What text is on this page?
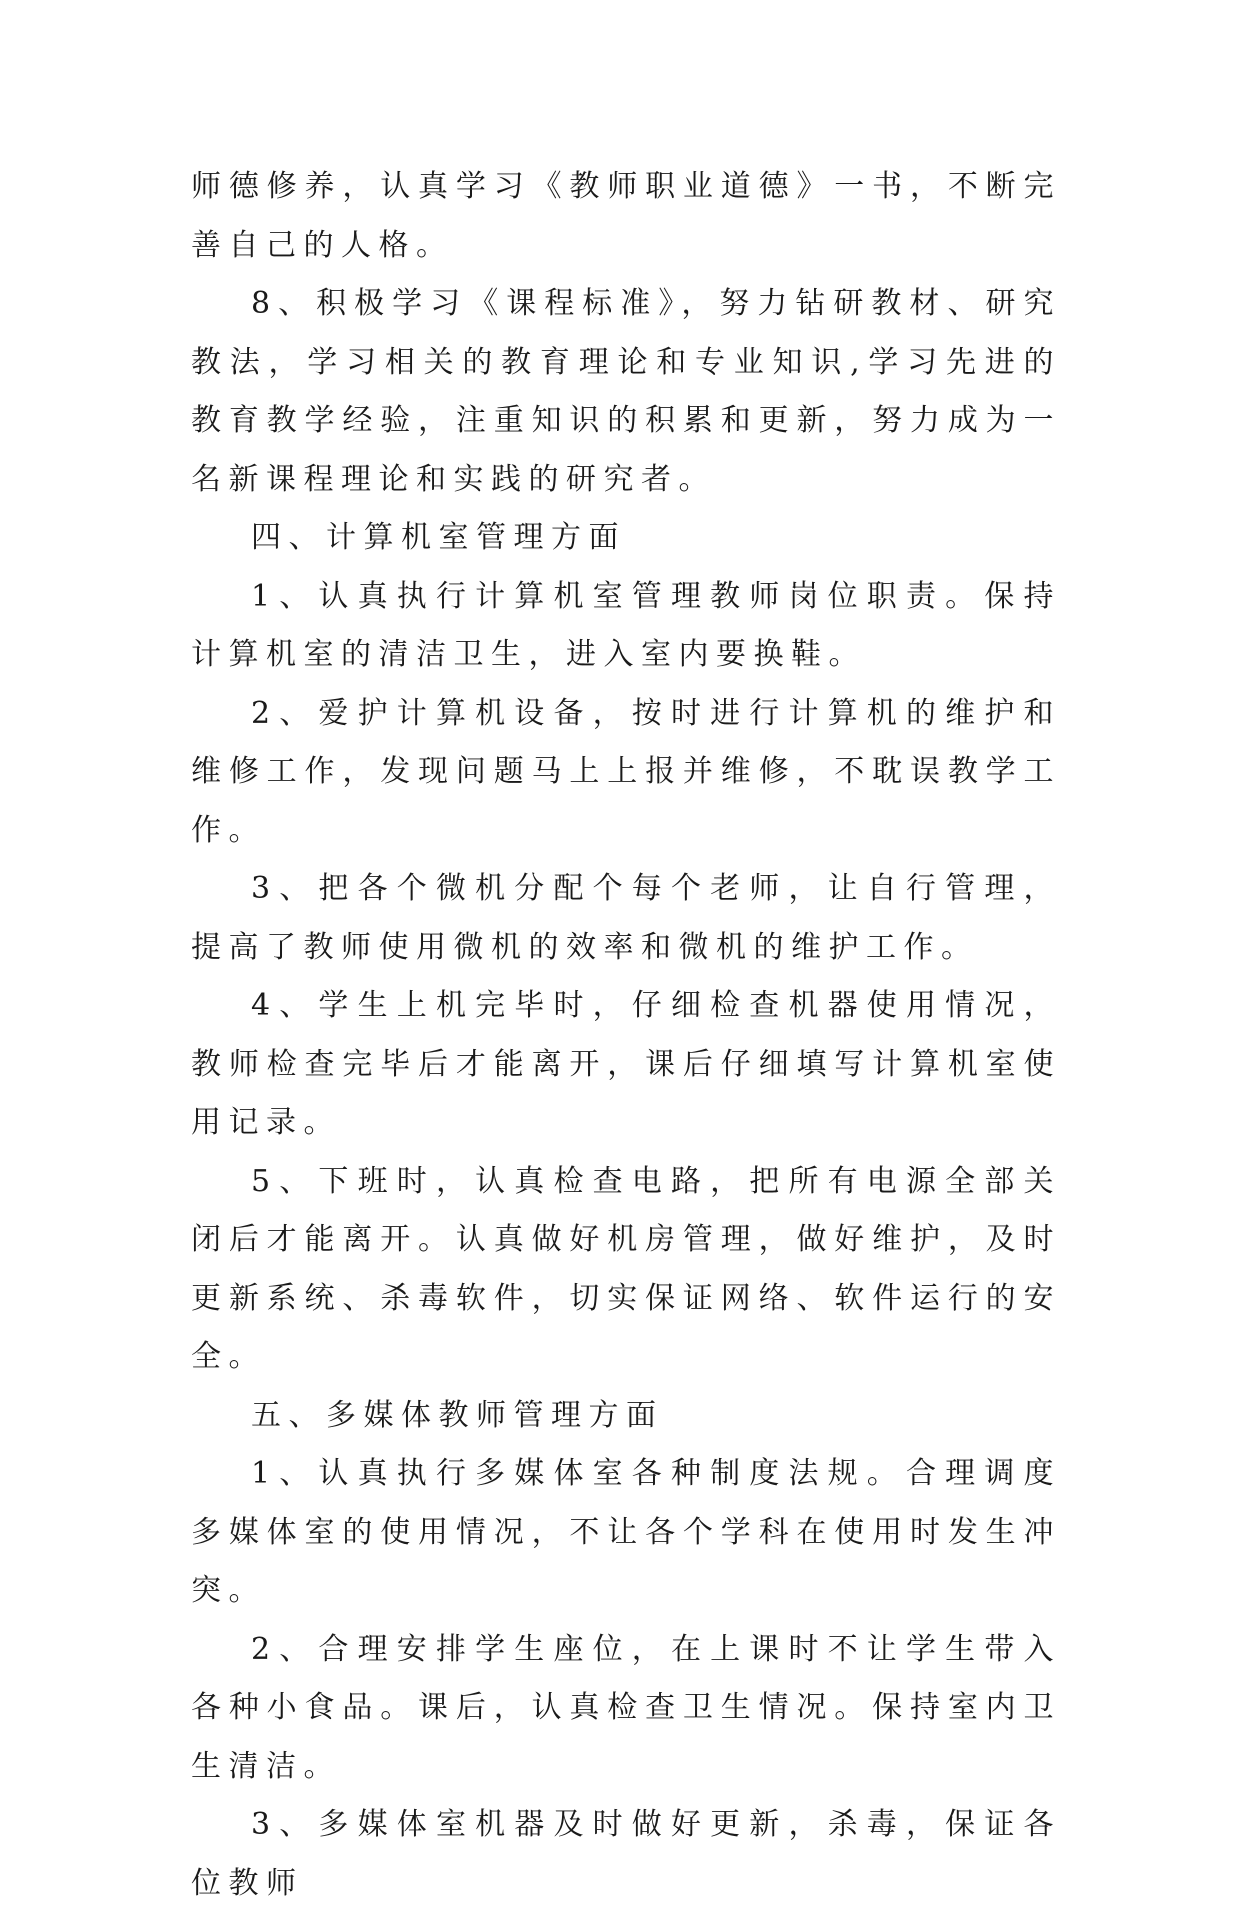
师德修养，认真学习《教师职业道德》一书，不断完善自己的人格。

8、积极学习《课程标准》，努力钻研教材、研究教法，学习相关的教育理论和专业知识,学习先进的教育教学经验，注重知识的积累和更新，努力成为一名新课程理论和实践的研究者。

四、计算机室管理方面

1、认真执行计算机室管理教师岗位职责。保持计算机室的清洁卫生，进入室内要换鞋。

2、爱护计算机设备，按时进行计算机的维护和维修工作，发现问题马上上报并维修，不耽误教学工作。

3、把各个微机分配个每个老师，让自行管理，提高了教师使用微机的效率和微机的维护工作。

4、学生上机完毕时，仔细检查机器使用情况，教师检查完毕后才能离开，课后仔细填写计算机室使用记录。

5、下班时，认真检查电路，把所有电源全部关闭后才能离开。认真做好机房管理，做好维护，及时更新系统、杀毒软件，切实保证网络、软件运行的安全。

五、多媒体教师管理方面

1、认真执行多媒体室各种制度法规。合理调度多媒体室的使用情况，不让各个学科在使用时发生冲突。

2、合理安排学生座位，在上课时不让学生带入各种小食品。课后，认真检查卫生情况。保持室内卫生清洁。

3、多媒体室机器及时做好更新，杀毒，保证各位教师
